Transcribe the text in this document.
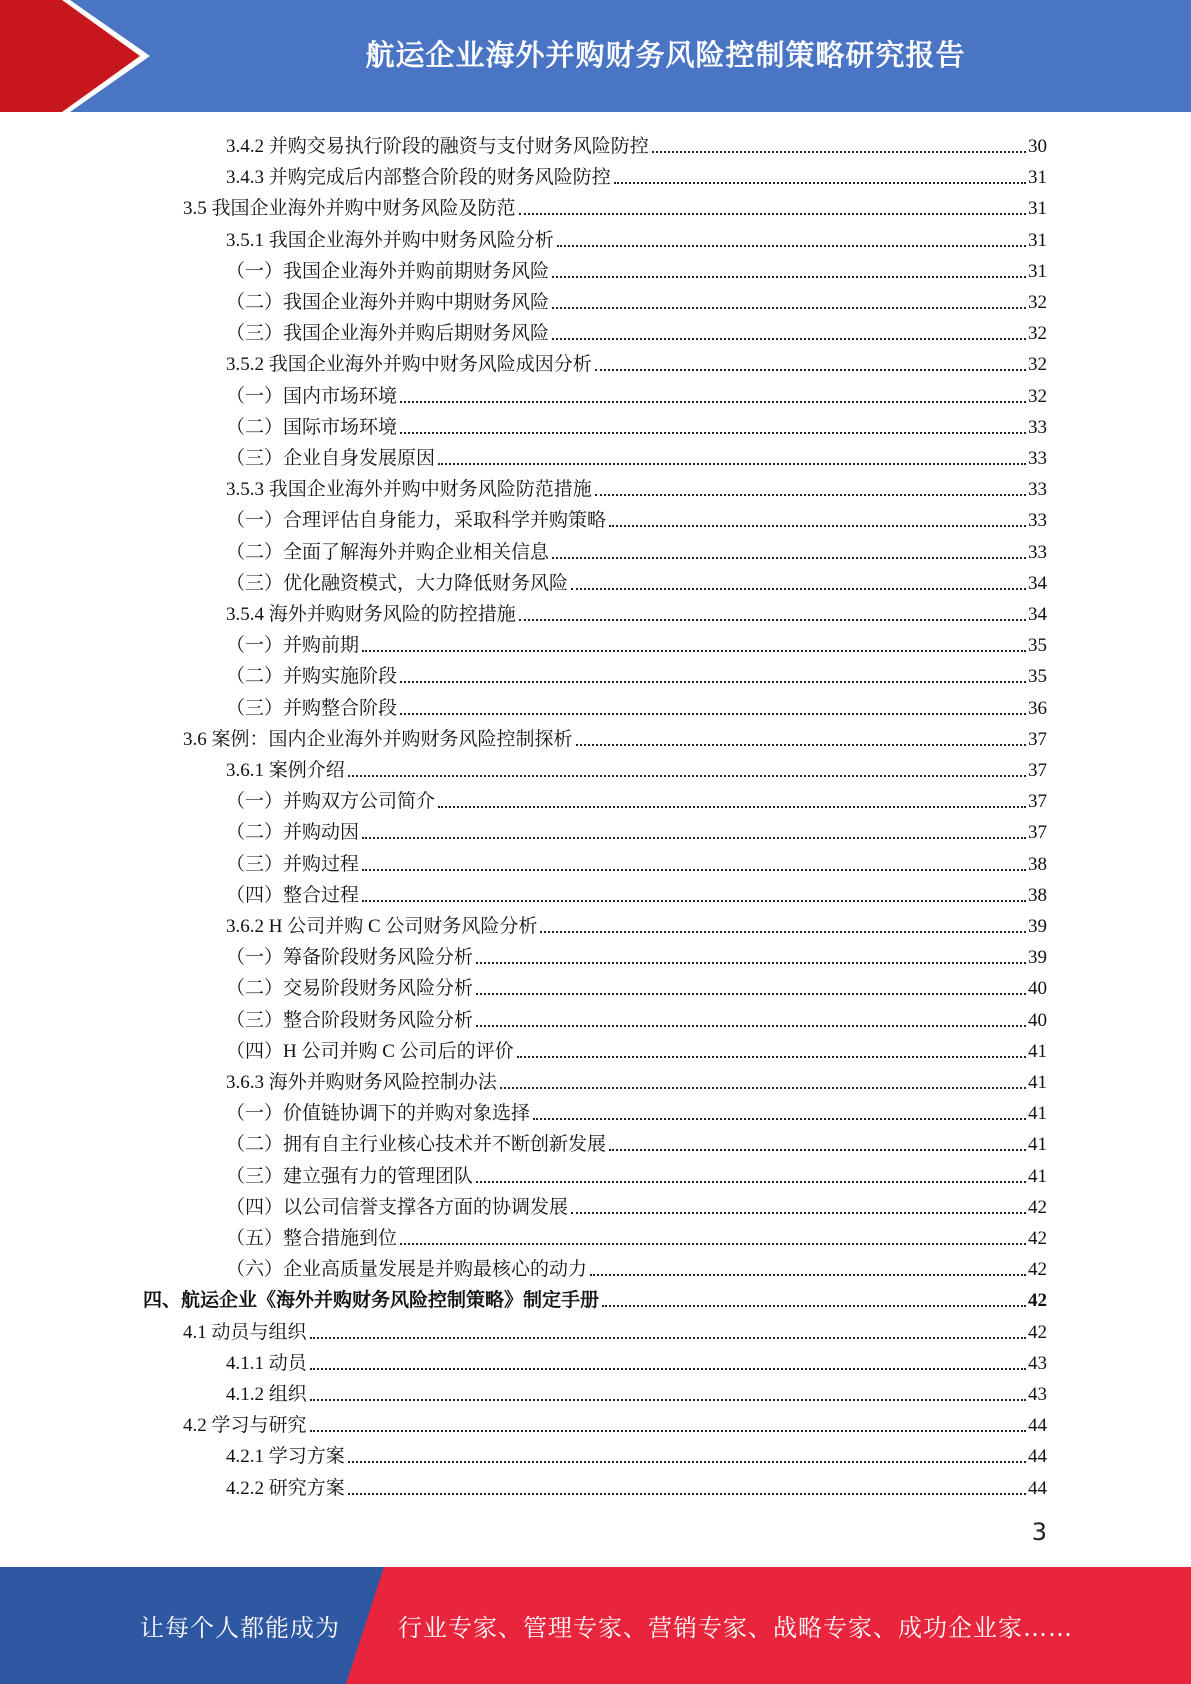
航运企业海外并购财务风险控制策略研究报告
3.4.2 并购交易执行阶段的融资与支付财务风险防控	30
3.4.3 并购完成后内部整合阶段的财务风险防控	31
3.5 我国企业海外并购中财务风险及防范	31
3.5.1 我国企业海外并购中财务风险分析	31
（一）我国企业海外并购前期财务风险	31
（二）我国企业海外并购中期财务风险	32
（三）我国企业海外并购后期财务风险	32
3.5.2 我国企业海外并购中财务风险成因分析	32
（一）国内市场环境	32
（二）国际市场环境	33
（三）企业自身发展原因	33
3.5.3 我国企业海外并购中财务风险防范措施	33
（一）合理评估自身能力，采取科学并购策略	33
（二）全面了解海外并购企业相关信息	33
（三）优化融资模式，大力降低财务风险	34
3.5.4 海外并购财务风险的防控措施	34
（一）并购前期	35
（二）并购实施阶段	35
（三）并购整合阶段	36
3.6 案例：国内企业海外并购财务风险控制探析	37
3.6.1 案例介绍	37
（一）并购双方公司简介	37
（二）并购动因	37
（三）并购过程	38
（四）整合过程	38
3.6.2 H 公司并购 C 公司财务风险分析	39
（一）筹备阶段财务风险分析	39
（二）交易阶段财务风险分析	40
（三）整合阶段财务风险分析	40
（四）H 公司并购 C 公司后的评价	41
3.6.3 海外并购财务风险控制办法	41
（一）价值链协调下的并购对象选择	41
（二）拥有自主行业核心技术并不断创新发展	41
（三）建立强有力的管理团队	41
（四）以公司信誉支撑各方面的协调发展	42
（五）整合措施到位	42
（六）企业高质量发展是并购最核心的动力	42
四、航运企业《海外并购财务风险控制策略》制定手册	42
4.1 动员与组织	42
4.1.1 动员	43
4.1.2 组织	43
4.2 学习与研究	44
4.2.1 学习方案	44
4.2.2 研究方案	44
3
让每个人都能成为 行业专家、管理专家、营销专家、战略专家、成功企业家……
